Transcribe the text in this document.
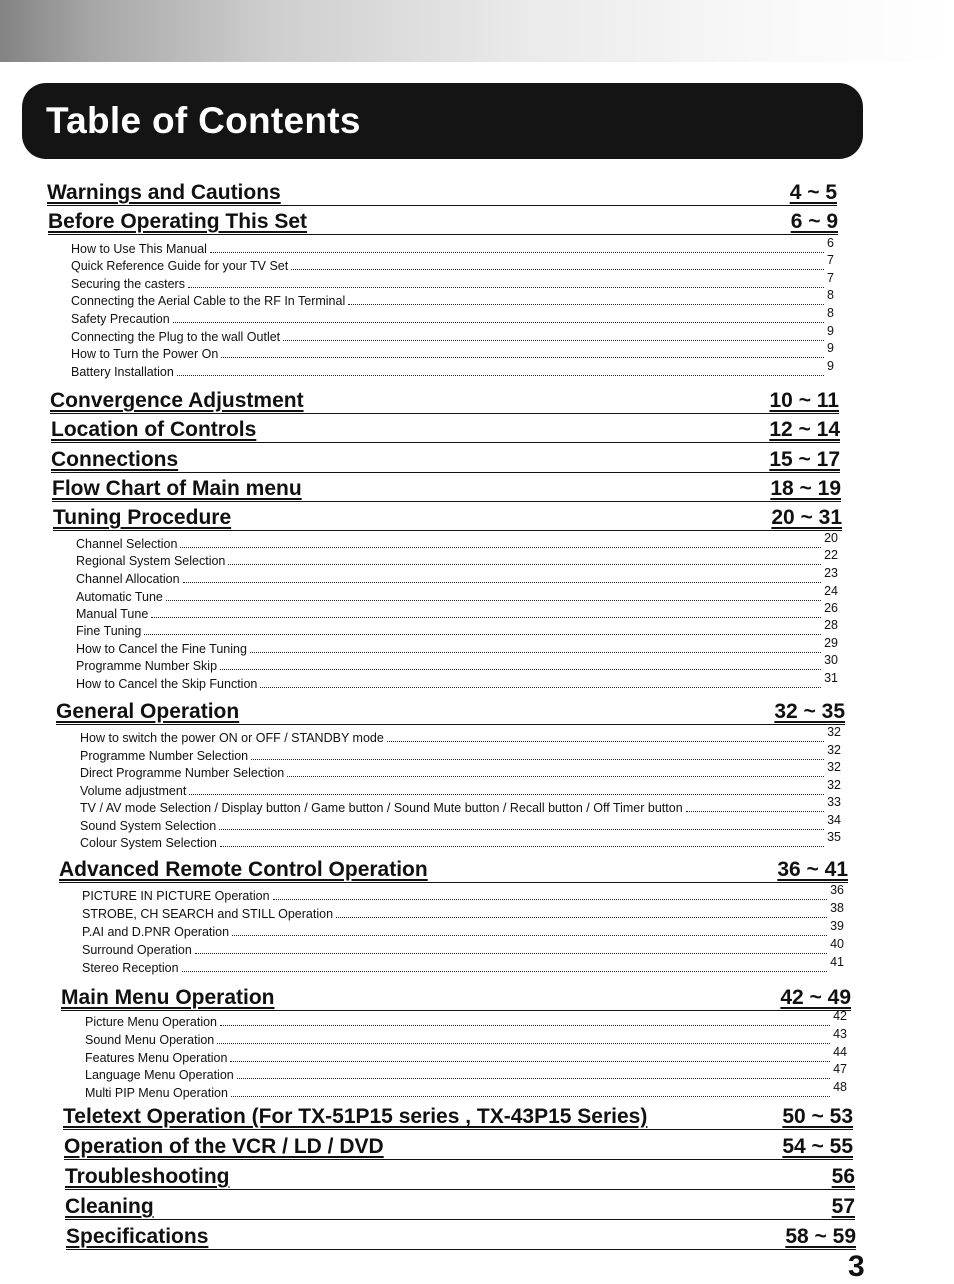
Table of Contents
Warnings and Cautions	4 ~ 5
Before Operating This Set	6 ~ 9
How to Use This Manual	6
Quick Reference Guide for your TV Set	7
Securing the casters	7
Connecting the Aerial Cable to the RF In Terminal	8
Safety Precaution	8
Connecting the Plug to the wall Outlet	9
How to Turn the Power On	9
Battery Installation	9
Convergence Adjustment	10 ~ 11
Location of Controls	12 ~ 14
Connections	15 ~ 17
Flow Chart of Main menu	18 ~ 19
Tuning Procedure	20 ~ 31
Channel Selection	20
Regional System Selection	22
Channel Allocation	23
Automatic Tune	24
Manual Tune	26
Fine Tuning	28
How to Cancel the Fine Tuning	29
Programme Number Skip	30
How to Cancel the Skip Function	31
General Operation	32 ~ 35
How to switch the power ON or OFF / STANDBY mode	32
Programme Number Selection	32
Direct Programme Number Selection	32
Volume adjustment	32
TV / AV mode Selection / Display button / Game button / Sound Mute button / Recall button / Off Timer button	33
Sound System Selection	34
Colour System Selection	35
Advanced Remote Control Operation	36 ~ 41
PICTURE IN PICTURE Operation	36
STROBE, CH SEARCH and STILL Operation	38
P.AI and D.PNR Operation	39
Surround Operation	40
Stereo Reception	41
Main Menu Operation	42 ~ 49
Picture Menu Operation	42
Sound Menu Operation	43
Features Menu Operation	44
Language Menu Operation	47
Multi PIP Menu Operation	48
Teletext Operation (For TX-51P15 series , TX-43P15 Series)	50 ~ 53
Operation of the VCR / LD / DVD	54 ~ 55
Troubleshooting	56
Cleaning	57
Specifications	58 ~ 59
3
